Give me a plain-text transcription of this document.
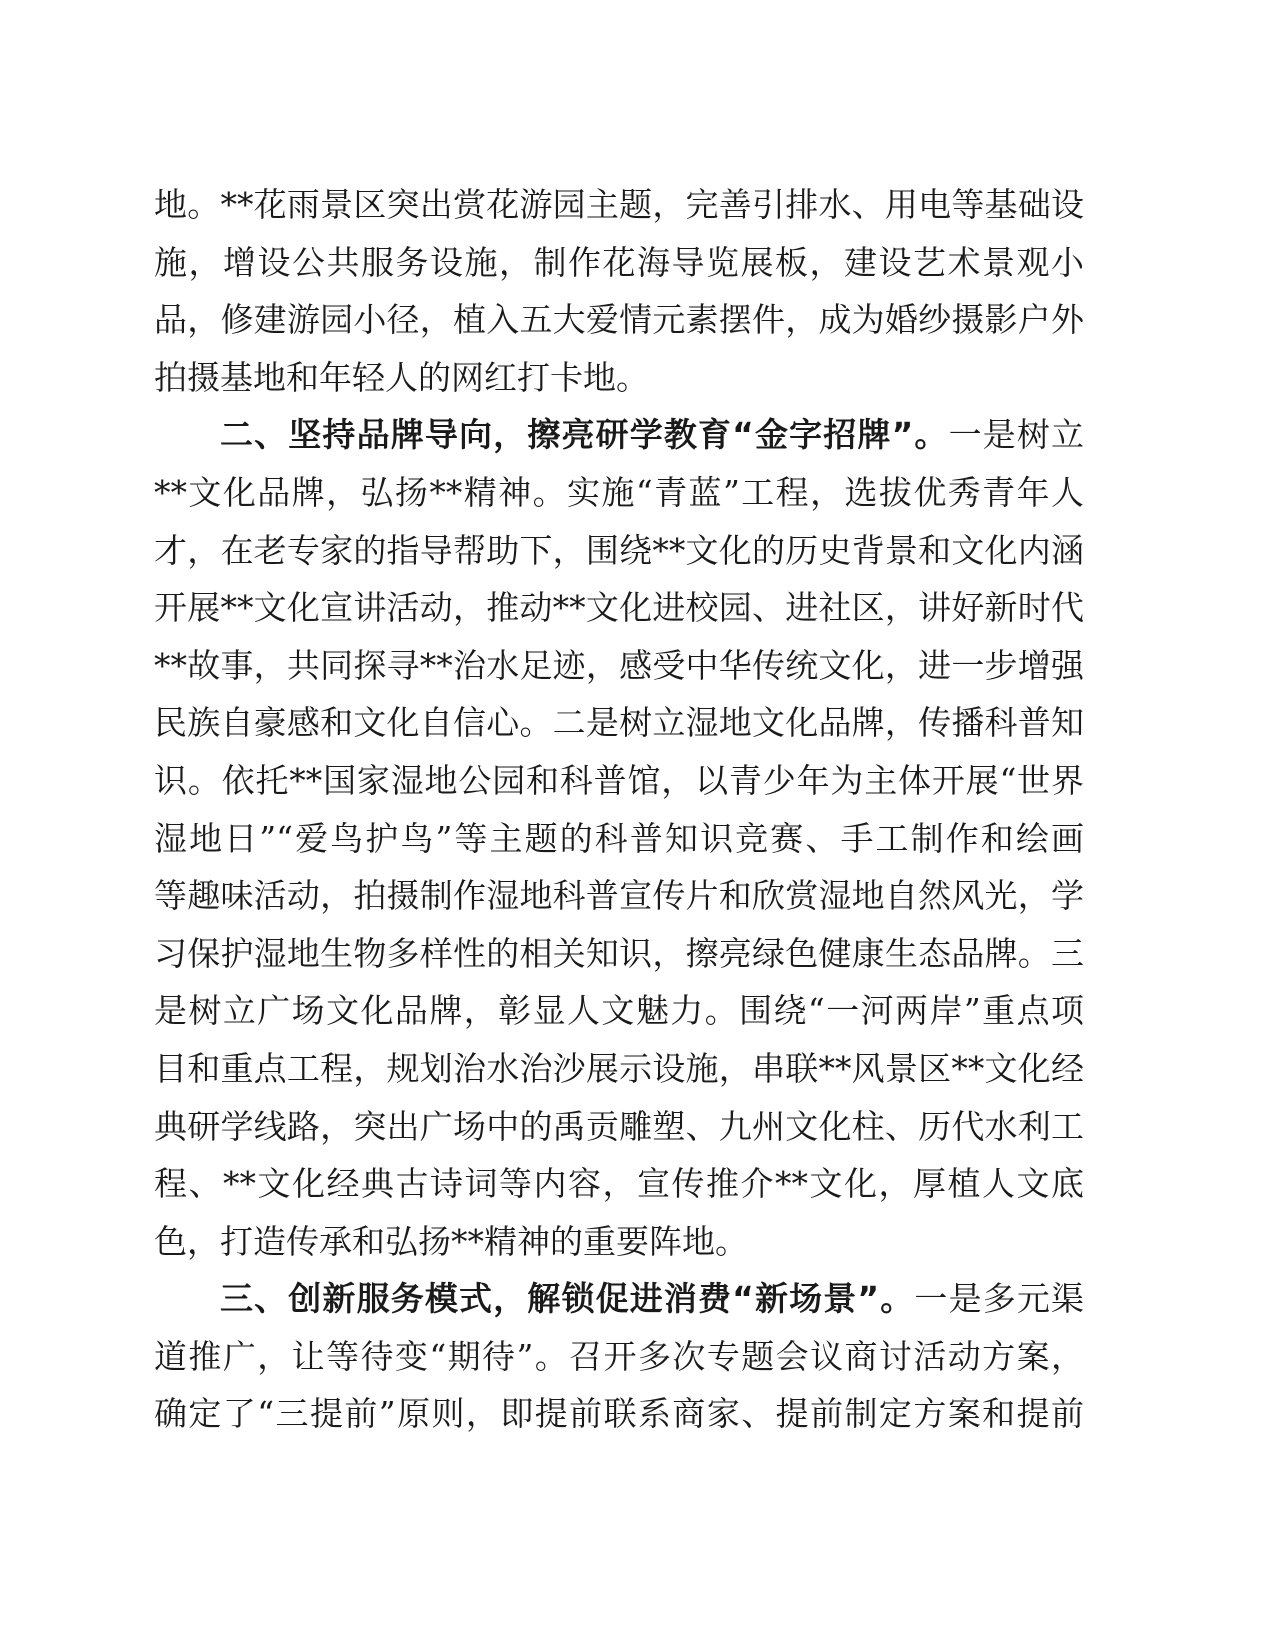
地。**花雨景区突出赏花游园主题，完善引排水、用电等基础设
施，增设公共服务设施，制作花海导览展板，建设艺术景观小
品，修建游园小径，植入五大爱情元素摆件，成为婚纱摄影户外
拍摄基地和年轻人的网红打卡地。
二、坚持品牌导向，擦亮研学教育“金字招牌”。一是树立
**文化品牌，弘扬**精神。实施“青蓝”工程，选拔优秀青年人
才，在老专家的指导帮助下，围绕**文化的历史背景和文化内涵
开展**文化宣讲活动，推动**文化进校园、进社区，讲好新时代
**故事，共同探寻**治水足迹，感受中华传统文化，进一步增强
民族自豪感和文化自信心。二是树立湿地文化品牌，传播科普知
识。依托**国家湿地公园和科普馆，以青少年为主体开展“世界
湿地日”“爱鸟护鸟”等主题的科普知识竞赛、手工制作和绘画
等趣味活动，拍摄制作湿地科普宣传片和欣赏湿地自然风光，学
习保护湿地生物多样性的相关知识，擦亮绿色健康生态品牌。三
是树立广场文化品牌，彰显人文魅力。围绕“一河两岸”重点项
目和重点工程，规划治水治沙展示设施，串联**风景区**文化经
典研学线路，突出广场中的禹贡雕塑、九州文化柱、历代水利工
程、**文化经典古诗词等内容，宣传推介**文化，厚植人文底
色，打造传承和弘扬**精神的重要阵地。
三、创新服务模式，解锁促进消费“新场景”。一是多元渠
道推广，让等待变“期待”。召开多次专题会议商讨活动方案，
确定了“三提前”原则，即提前联系商家、提前制定方案和提前
